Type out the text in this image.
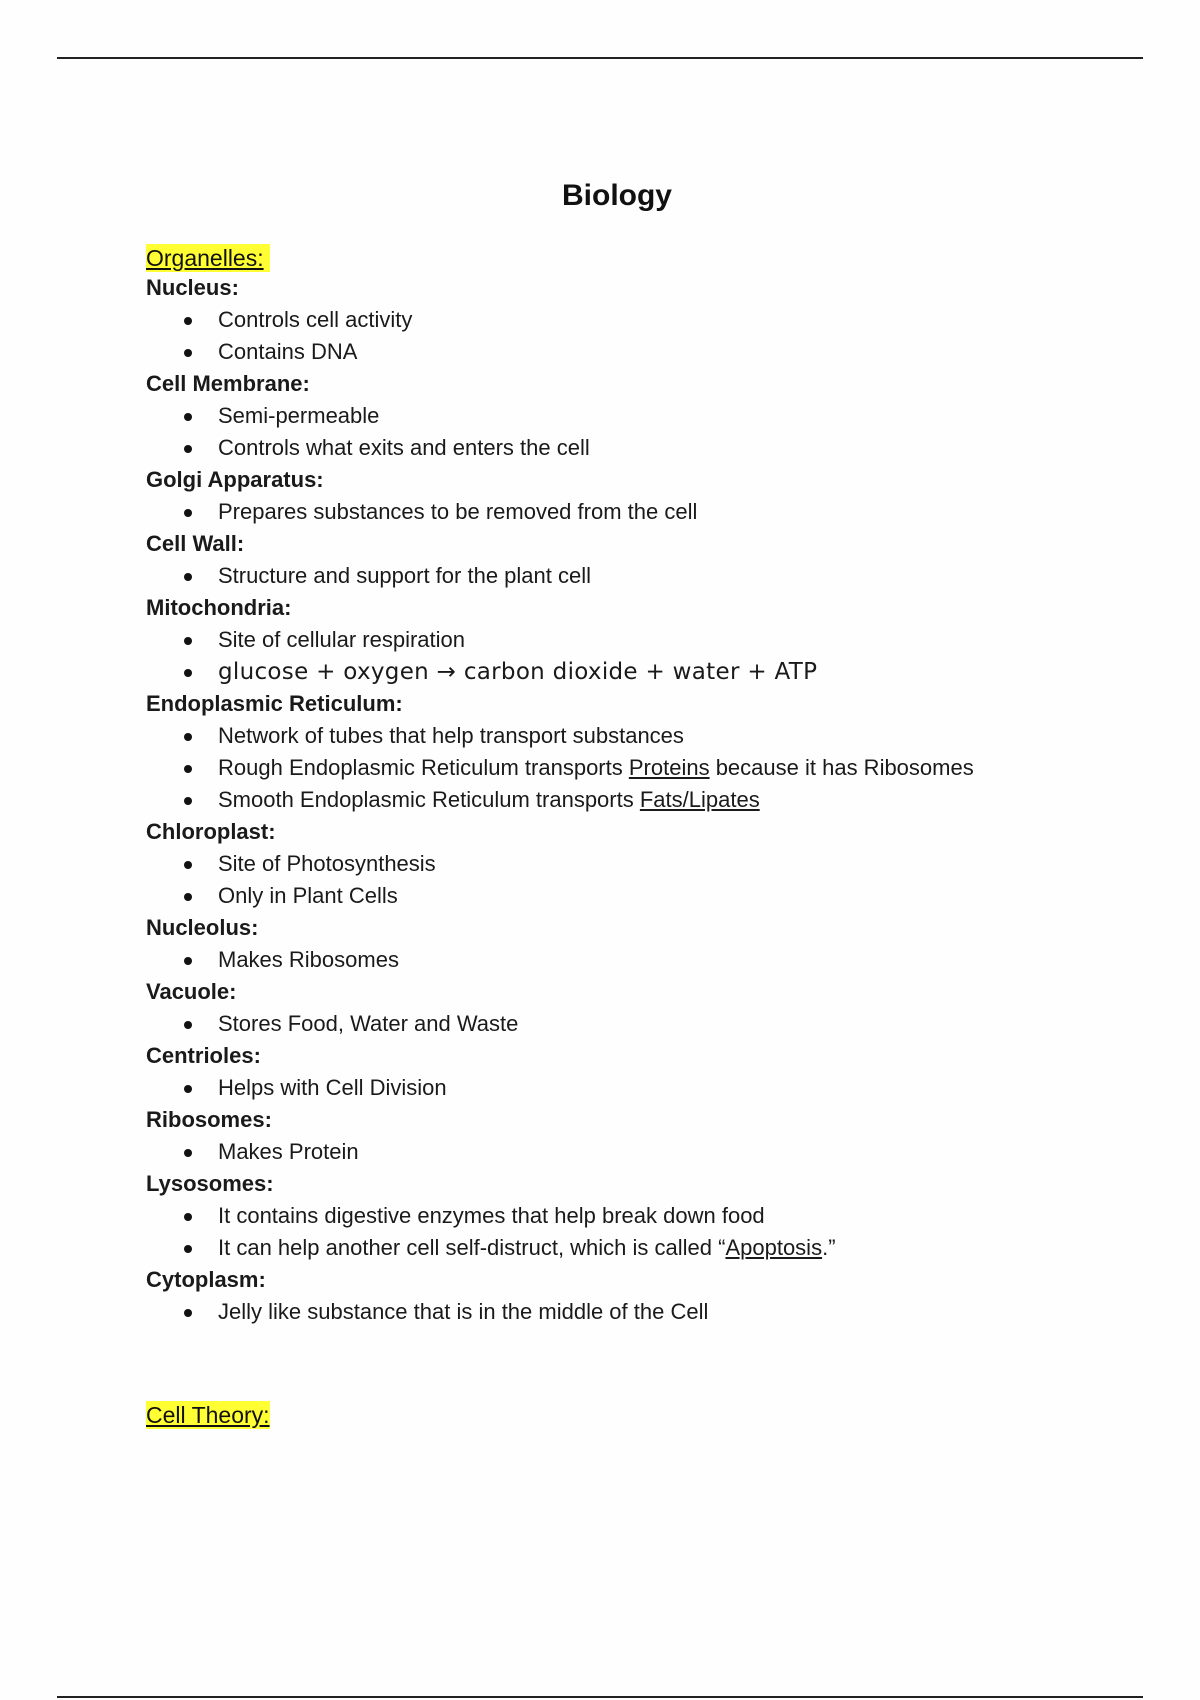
Biology
Organelles:
Nucleus:
Controls cell activity
Contains DNA
Cell Membrane:
Semi-permeable
Controls what exits and enters the cell
Golgi Apparatus:
Prepares substances to be removed from the cell
Cell Wall:
Structure and support for the plant cell
Mitochondria:
Site of cellular respiration
glucose + oxygen → carbon dioxide + water + ATP
Endoplasmic Reticulum:
Network of tubes that help transport substances
Rough Endoplasmic Reticulum transports Proteins because it has Ribosomes
Smooth Endoplasmic Reticulum transports Fats/Lipates
Chloroplast:
Site of Photosynthesis
Only in Plant Cells
Nucleolus:
Makes Ribosomes
Vacuole:
Stores Food, Water and Waste
Centrioles:
Helps with Cell Division
Ribosomes:
Makes Protein
Lysosomes:
It contains digestive enzymes that help break down food
It can help another cell self-distruct, which is called “Apoptosis.”
Cytoplasm:
Jelly like substance that is in the middle of the Cell
Cell Theory:
